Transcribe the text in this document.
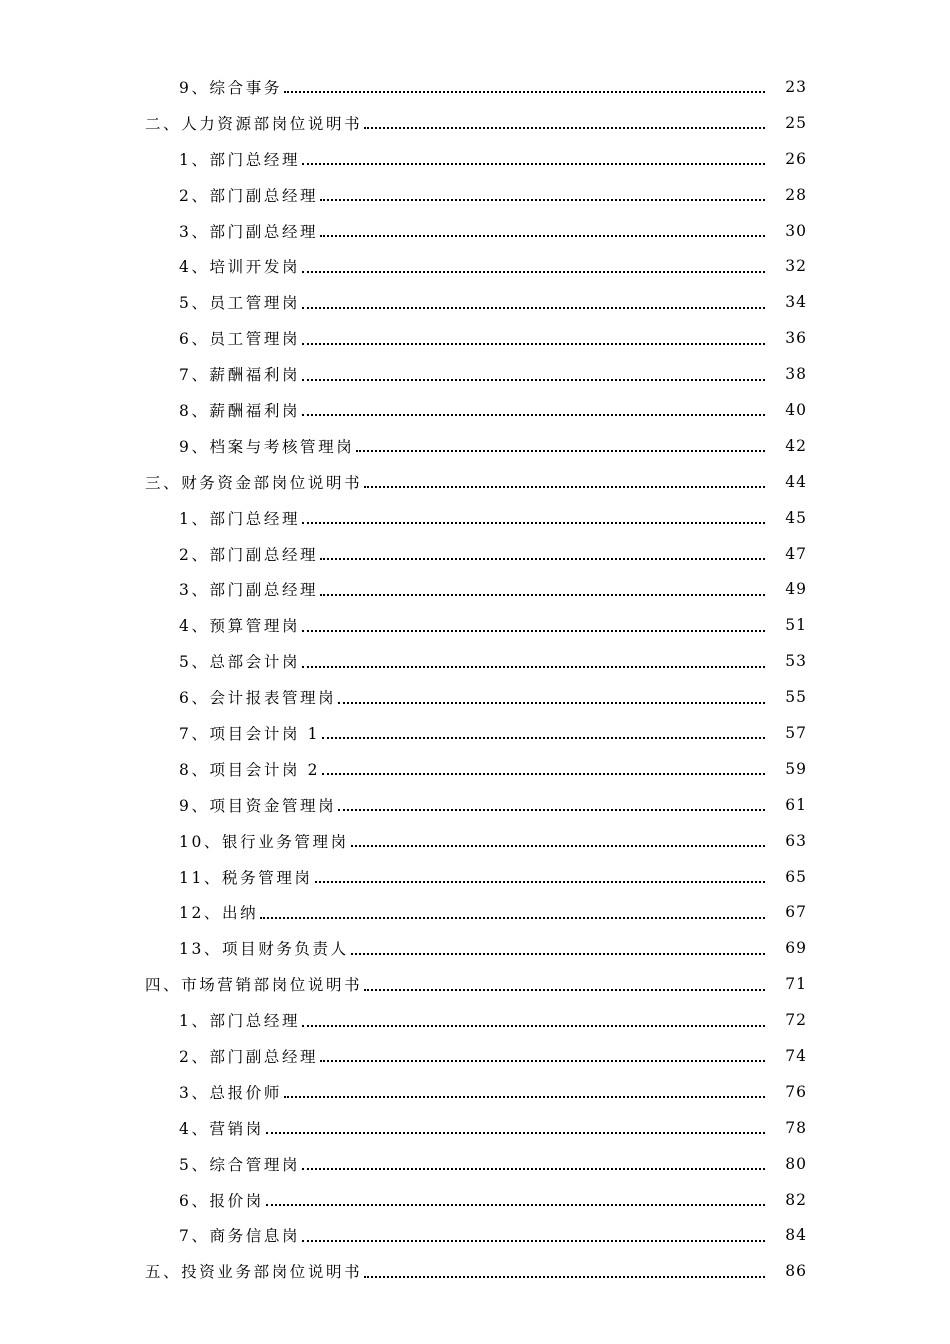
9、综合事务	23
二、人力资源部岗位说明书	25
1、部门总经理	26
2、部门副总经理	28
3、部门副总经理	30
4、培训开发岗	32
5、员工管理岗	34
6、员工管理岗	36
7、薪酬福利岗	38
8、薪酬福利岗	40
9、档案与考核管理岗	42
三、财务资金部岗位说明书	44
1、部门总经理	45
2、部门副总经理	47
3、部门副总经理	49
4、预算管理岗	51
5、总部会计岗	53
6、会计报表管理岗	55
7、项目会计岗 1	57
8、项目会计岗 2	59
9、项目资金管理岗	61
10、银行业务管理岗	63
11、税务管理岗	65
12、出纳	67
13、项目财务负责人	69
四、市场营销部岗位说明书	71
1、部门总经理	72
2、部门副总经理	74
3、总报价师	76
4、营销岗	78
5、综合管理岗	80
6、报价岗	82
7、商务信息岗	84
五、投资业务部岗位说明书	86
